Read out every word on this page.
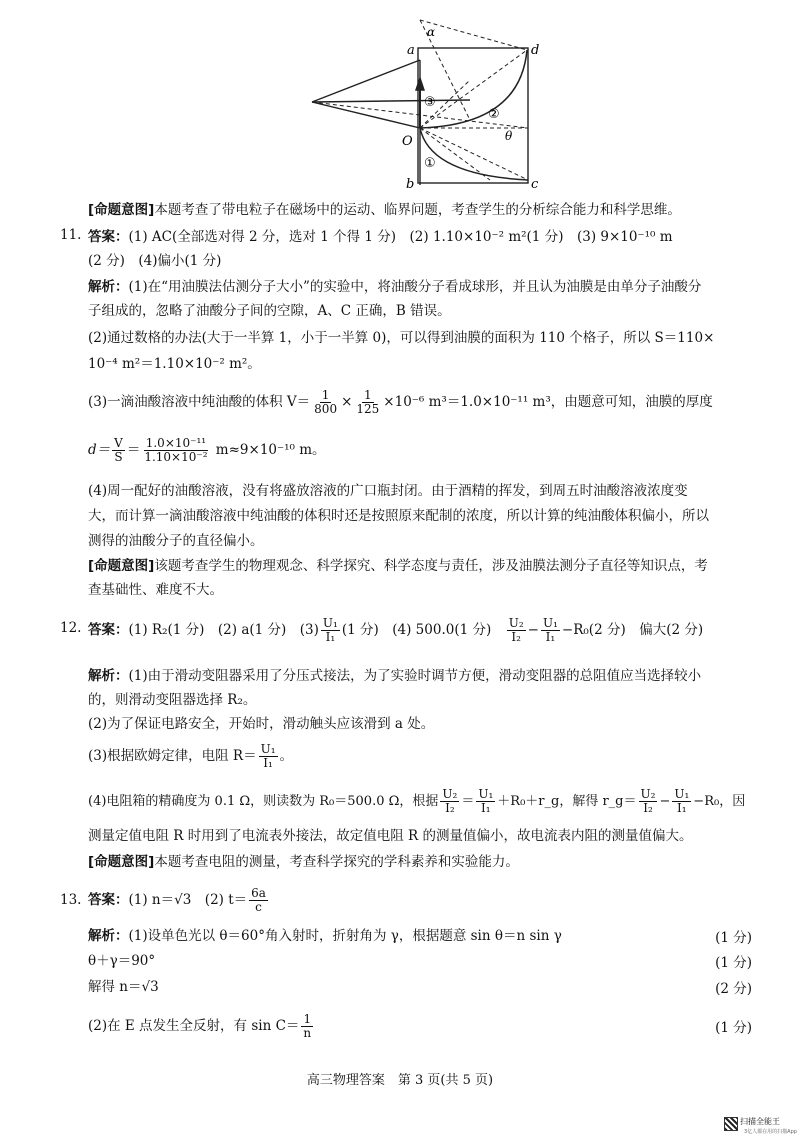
a
α
d
O
b	c
θ
①
②
③
[命题意图]本题考查了带电粒子在磁场中的运动、临界问题，考查学生的分析综合能力和科学思维。
11. 答案：(1) AC(全部选对得 2 分，选对 1 个得 1 分)　(2) 1.10×10⁻² m²(1 分)　(3) 9×10⁻¹⁰ m
(2 分)　(4)偏小(1 分)
解析：(1)在“用油膜法估测分子大小”的实验中，将油酸分子看成球形，并且认为油膜是由单分子油酸分
子组成的，忽略了油酸分子间的空隙，A、C 正确，B 错误。
(2)通过数格的办法(大于一半算 1，小于一半算 0)，可以得到油膜的面积为 110 个格子，所以 S＝110×
10⁻⁴ m²＝1.10×10⁻² m²。
(3)一滴油酸溶液中纯油酸的体积 $V= \frac{1}{800} \times \frac{1}{125} \times 10^{-6}$ m³＝1.0×10⁻¹¹ m³，由题意可知，油膜的厚度
$d= \frac{V}{S} = \frac{\text{1.0×10⁻¹¹}}{\text{1.10×10⁻²}} m\approx 9\times 10^{-10}$ m。
(4)周一配好的油酸溶液，没有将盛放溶液的广口瓶封闭。由于酒精的挥发，到周五时油酸溶液浓度变
大，而计算一滴油酸溶液中纯油酸的体积时还是按照原来配制的浓度，所以计算的纯油酸体积偏小，所以
测得的油酸分子的直径偏小。
[命题意图]该题考查学生的物理观念、科学探究、科学态度与责任，涉及油膜法测分子直径等知识点，考
查基础性、难度不大。
12. 答案：(1) R₂(1 分)　(2) a(1 分)　$(3) \frac{\text{U₁}}{\text{I₁}} (1$ 分)　(4) 500.0(1 分)　 $\frac{\text{U₂}}{\text{I₂}} - \frac{\text{U₁}}{\text{I₁}} -R_0(2$ 分)　偏大(2 分)
解析：(1)由于滑动变阻器采用了分压式接法，为了实验时调节方便，滑动变阻器的总阻值应当选择较小
的，则滑动变阻器选择 R₂。
(2)为了保证电路安全，开始时，滑动触头应该滑到 a 处。
(3)根据欧姆定律，电阻 $R= \frac{\text{U₁}}{\text{I₁}}$ 。
(4)电阻箱的精确度为 0.1 Ω，则读数为 R₀＝500.0 Ω，根据 $\frac{\text{U₂}}{\text{I₂}} = \frac{\text{U₁}}{\text{I₁}}$ ＋R₀＋r_g，解得 r_g＝ $\frac{\text{U₂}}{\text{I₂}} - \frac{\text{U₁}}{\text{I₁}} -R_0$，因
测量定值电阻 R 时用到了电流表外接法，故定值电阻 R 的测量值偏小，故电流表内阻的测量值偏大。
[命题意图]本题考查电阻的测量，考查科学探究的学科素养和实验能力。
13. 答案：(1) n＝√3　(2) $t= \frac{6a}{c}$
解析：(1)设单色光以 θ＝60°角入射时，折射角为 γ，根据题意 sin θ＝n sin γ	(1 分)
θ＋γ＝90°	(1 分)
解得 n＝√3	(2 分)
(2)在 E 点发生全反射，有 $\sin C= \frac{1}{n}$	(1 分)
高三物理答案　第 3 页(共 5 页)
扫描全能王
3亿人都在用的扫描App
